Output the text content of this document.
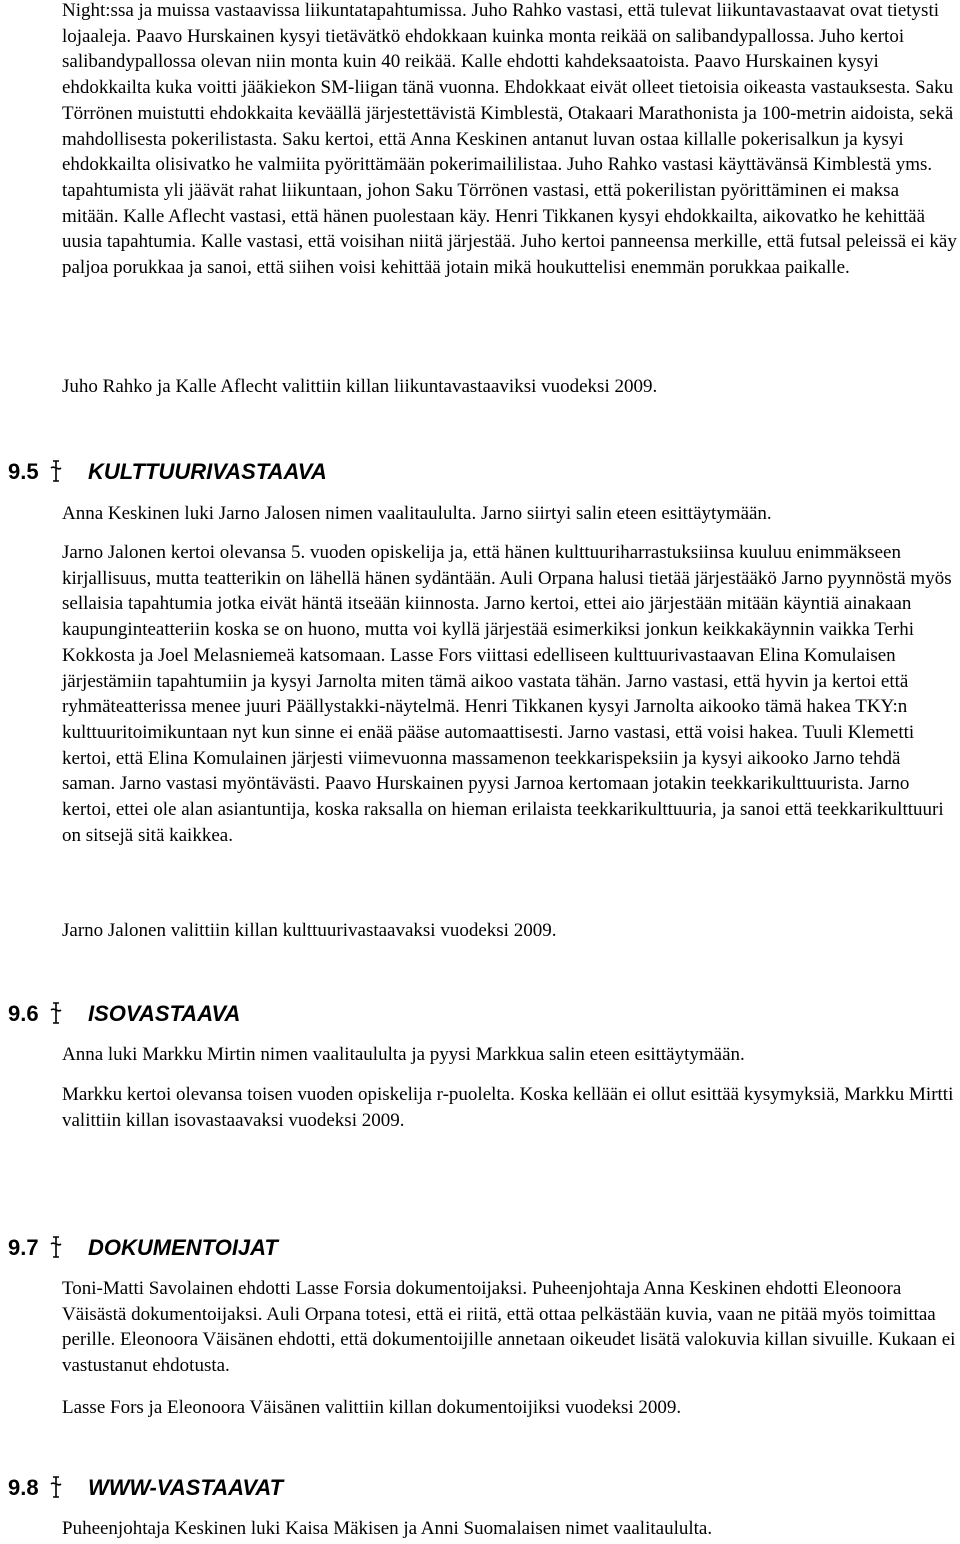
Night:ssa ja muissa vastaavissa liikuntatapahtumissa. Juho Rahko vastasi, että tulevat liikuntavastaavat ovat tietysti lojaaleja. Paavo Hurskainen kysyi tietävätkö ehdokkaan kuinka monta reikää on salibandypallossa. Juho kertoi salibandypallossa olevan niin monta kuin 40 reikää. Kalle ehdotti kahdeksaatoista. Paavo Hurskainen kysyi ehdokkailta kuka voitti jääkiekon SM-liigan tänä vuonna. Ehdokkaat eivät olleet tietoisia oikeasta vastauksesta. Saku Törrönen muistutti ehdokkaita keväällä järjestettävistä Kimblestä, Otakaari Marathonista ja 100-metrin aidoista, sekä mahdollisesta pokerilistasta. Saku kertoi, että Anna Keskinen antanut luvan ostaa killalle pokerisalkun ja kysyi ehdokkailta olisivatko he valmiita pyörittämään pokerimaililistaa. Juho Rahko vastasi käyttävänsä Kimblestä yms. tapahtumista yli jäävät rahat liikuntaan, johon Saku Törrönen vastasi, että pokerilistan pyörittäminen ei maksa mitään. Kalle Aflecht vastasi, että hänen puolestaan käy. Henri Tikkanen kysyi ehdokkailta, aikovatko he kehittää uusia tapahtumia. Kalle vastasi, että voisihan niitä järjestää. Juho kertoi panneensa merkille, että futsal peleissä ei käy paljoa porukkaa ja sanoi, että siihen voisi kehittää jotain mikä houkuttelisi enemmän porukkaa paikalle.

Juho Rahko ja Kalle Aflecht valittiin killan liikuntavastaaviksi vuodeksi 2009.

9.5 KULTTUURIVASTAAVA

Anna Keskinen luki Jarno Jalosen nimen vaalitaululta. Jarno siirtyi salin eteen esittäytymään.

Jarno Jalonen kertoi olevansa 5. vuoden opiskelija ja, että hänen kulttuuriharrastuksiinsa kuuluu enimmäkseen kirjallisuus, mutta teatterikin on lähellä hänen sydäntään. Auli Orpana halusi tietää järjestääkö Jarno pyynnöstä myös sellaisia tapahtumia jotka eivät häntä itseään kiinnosta. Jarno kertoi, ettei aio järjestään mitään käyntiä ainakaan kaupunginteatteriin koska se on huono, mutta voi kyllä järjestää esimerkiksi jonkun keikkakäynnin vaikka Terhi Kokkosta ja Joel Melasniemeä katsomaan. Lasse Fors viittasi edelliseen kulttuurivastaavan Elina Komulaisen järjestämiin tapahtumiin ja kysyi Jarnolta miten tämä aikoo vastata tähän. Jarno vastasi, että hyvin ja kertoi että ryhmäteatterissa menee juuri Päällystakki-näytelmä. Henri Tikkanen kysyi Jarnolta aikooko tämä hakea TKY:n kulttuuritoimikuntaan nyt kun sinne ei enää pääse automaattisesti. Jarno vastasi, että voisi hakea. Tuuli Klemetti kertoi, että Elina Komulainen järjesti viimevuonna massamenon teekkarispeksiin ja kysyi aikooko Jarno tehdä saman. Jarno vastasi myöntävästi. Paavo Hurskainen pyysi Jarnoa kertomaan jotakin teekkarikulttuurista. Jarno kertoi, ettei ole alan asiantuntija, koska raksalla on hieman erilaista teekkarikulttuuria, ja sanoi että teekkarikulttuuri on sitsejä sitä kaikkea.

Jarno Jalonen valittiin killan kulttuurivastaavaksi vuodeksi 2009.

9.6 ISOVASTAAVA

Anna luki Markku Mirtin nimen vaalitaululta ja pyysi Markkua salin eteen esittäytymään.

Markku kertoi olevansa toisen vuoden opiskelija r-puolelta. Koska kellään ei ollut esittää kysymyksiä, Markku Mirtti valittiin killan isovastaavaksi vuodeksi 2009.

9.7 DOKUMENTOIJAT

Toni-Matti Savolainen ehdotti Lasse Forsia dokumentoijaksi. Puheenjohtaja Anna Keskinen ehdotti Eleonoora Väisästä dokumentoijaksi. Auli Orpana totesi, että ei riitä, että ottaa pelkästään kuvia, vaan ne pitää myös toimittaa perille. Eleonoora Väisänen ehdotti, että dokumentoijille annetaan oikeudet lisätä valokuvia killan sivuille. Kukaan ei vastustanut ehdotusta.

Lasse Fors ja Eleonoora Väisänen valittiin killan dokumentoijiksi vuodeksi 2009.

9.8 WWW-VASTAAVAT

Puheenjohtaja Keskinen luki Kaisa Mäkisen ja Anni Suomalaisen nimet vaalitaululta.
